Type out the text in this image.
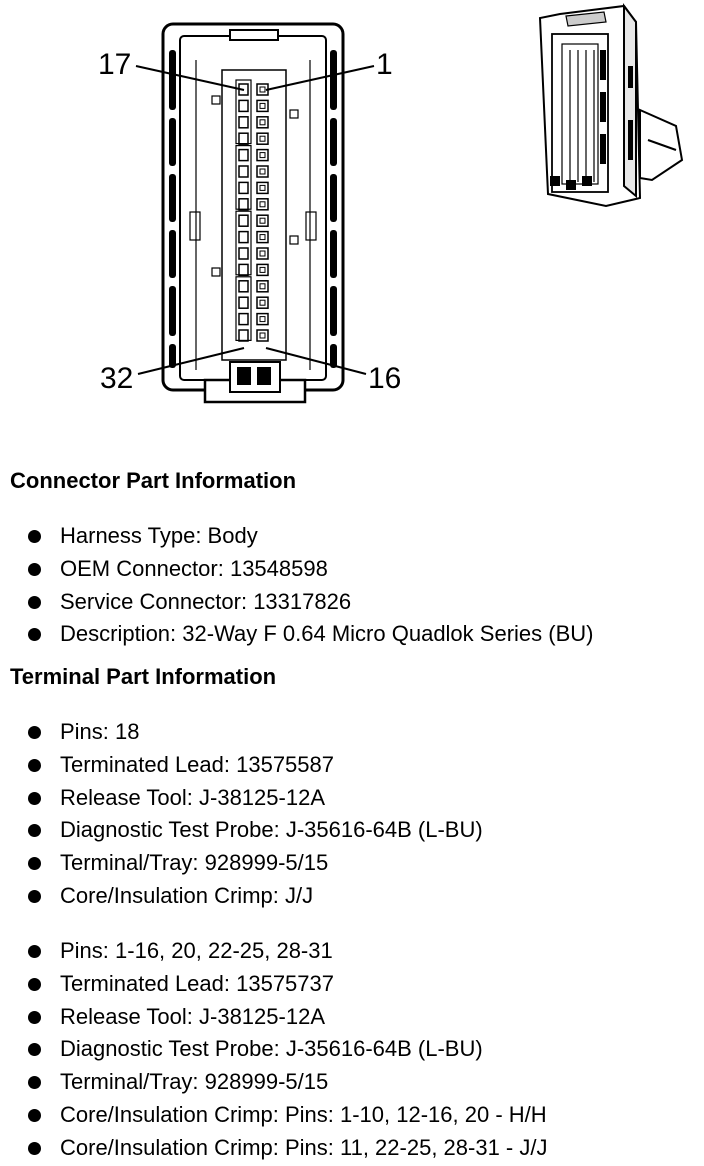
17	1
32	16
Connector Part Information
Harness Type: Body
OEM Connector: 13548598
Service Connector: 13317826
Description: 32-Way F 0.64 Micro Quadlok Series (BU)
Terminal Part Information
Pins: 18
Terminated Lead: 13575587
Release Tool: J-38125-12A
Diagnostic Test Probe: J-35616-64B (L-BU)
Terminal/Tray: 928999-5/15
Core/Insulation Crimp: J/J
Pins: 1-16, 20, 22-25, 28-31
Terminated Lead: 13575737
Release Tool: J-38125-12A
Diagnostic Test Probe: J-35616-64B (L-BU)
Terminal/Tray: 928999-5/15
Core/Insulation Crimp: Pins: 1-10, 12-16, 20 - H/H
Core/Insulation Crimp: Pins: 11, 22-25, 28-31 - J/J
